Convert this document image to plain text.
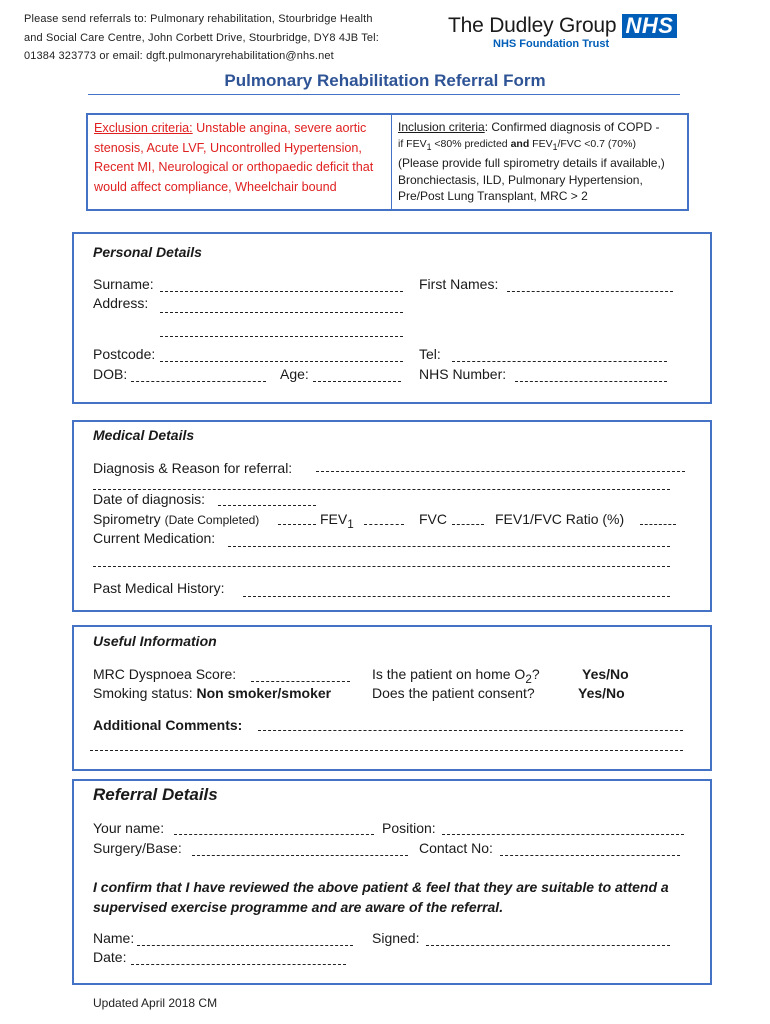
Please send referrals to: Pulmonary rehabilitation, Stourbridge Health
and Social Care Centre, John Corbett Drive, Stourbridge, DY8 4JB Tel:
01384 323773 or email: dgft.pulmonaryrehabilitation@nhs.net
The Dudley Group NHS
NHS Foundation Trust
Pulmonary Rehabilitation Referral Form
Exclusion criteria: Unstable angina, severe aortic stenosis, Acute LVF, Uncontrolled Hypertension, Recent MI, Neurological or orthopaedic deficit that would affect compliance, Wheelchair bound
Inclusion criteria: Confirmed diagnosis of COPD -
if $FEV_1 <80\%$ predicted and $FEV_1$/FVC <0.7 (70%)
(Please provide full spirometry details if available,) Bronchiectasis, ILD, Pulmonary Hypertension, Pre/Post Lung Transplant, MRC > 2
Personal Details
Surname:	First Names:
Address:
Postcode:	Tel:
DOB:	Age:	NHS Number:
Medical Details
Diagnosis & Reason for referral:
Date of diagnosis:
Spirometry (Date Completed)	$FEV_1$	FVC	FEV1/FVC Ratio (%)
Current Medication:
Past Medical History:
Useful Information
MRC Dyspnoea Score:	Is the patient on home $O_2$?	Yes/No
Smoking status: Non smoker/smoker	Does the patient consent?	Yes/No
Additional Comments:
Referral Details
Your name:	Position:
Surgery/Base:	Contact No:
I confirm that I have reviewed the above patient & feel that they are suitable to attend a supervised exercise programme and are aware of the referral.
Name:	Signed:
Date:
Updated April 2018 CM
